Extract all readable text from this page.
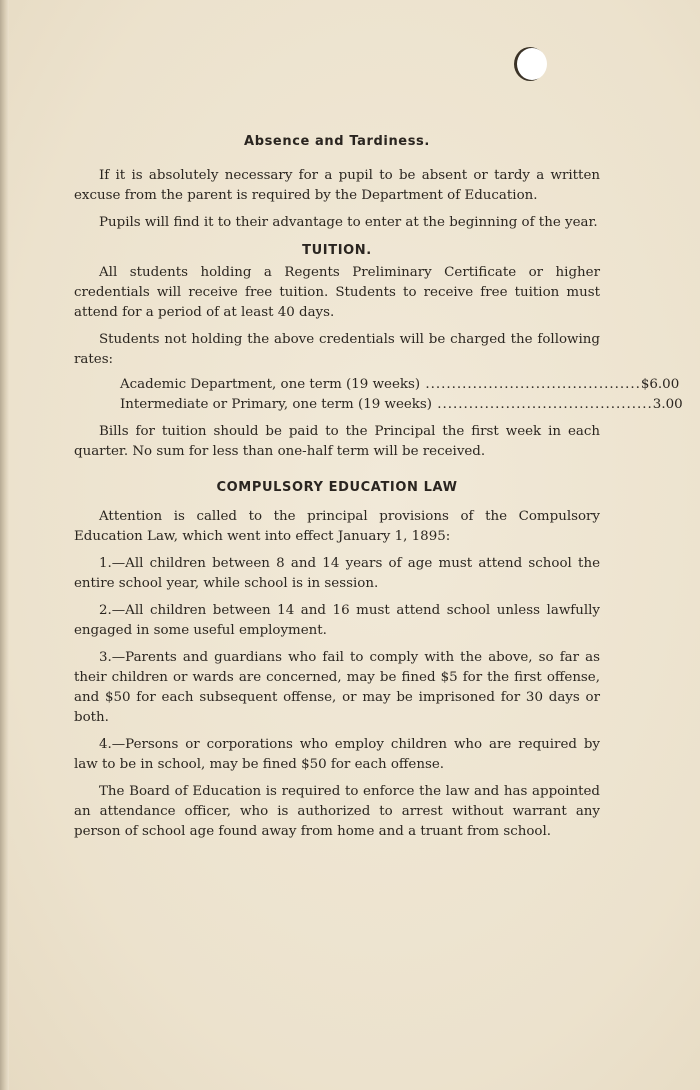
Absence and Tardiness.

If it is absolutely necessary for a pupil to be absent or tardy a written excuse from the parent is required by the Department of Education.

Pupils will find it to their advantage to enter at the beginning of the year.

TUITION.

All students holding a Regents Preliminary Certificate or higher credentials will receive free tuition. Students to receive free tuition must attend for a period of at least 40 days.

Students not holding the above credentials will be charged the following rates:

Academic Department, one term (19 weeks) ......................................... $6.00
Intermediate or Primary, one term (19 weeks) ......................................... 3.00

Bills for tuition should be paid to the Principal the first week in each quarter. No sum for less than one-half term will be received.

COMPULSORY EDUCATION LAW

Attention is called to the principal provisions of the Compulsory Education Law, which went into effect January 1, 1895:

1.—All children between 8 and 14 years of age must attend school the entire school year, while school is in session.

2.—All children between 14 and 16 must attend school unless lawfully engaged in some useful employment.

3.—Parents and guardians who fail to comply with the above, so far as their children or wards are concerned, may be fined $5 for the first offense, and $50 for each subsequent offense, or may be imprisoned for 30 days or both.

4.—Persons or corporations who employ children who are required by law to be in school, may be fined $50 for each offense.

The Board of Education is required to enforce the law and has appointed an attendance officer, who is authorized to arrest without warrant any person of school age found away from home and a truant from school.
